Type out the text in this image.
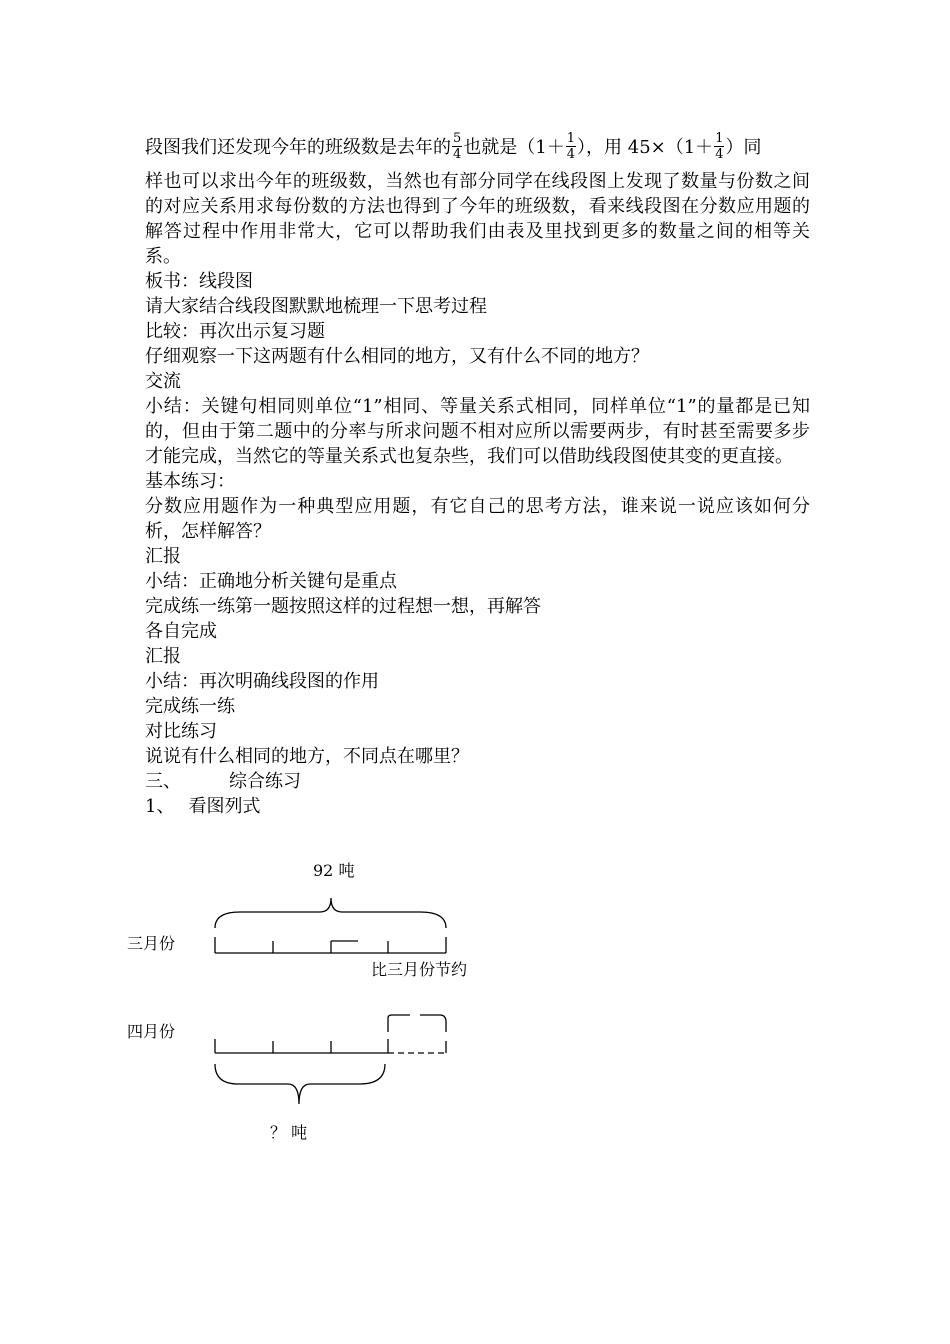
段图我们还发现今年的班级数是去年的 $\frac{5}{4}$ 也就是（$1+ \frac{1}{4}$ ），用 $45\times(1+ \frac{1}{4}$ ）同

样也可以求出今年的班级数，当然也有部分同学在线段图上发现了数量与份数之间的对应关系用求每份数的方法也得到了今年的班级数，看来线段图在分数应用题的解答过程中作用非常大，它可以帮助我们由表及里找到更多的数量之间的相等关系。

板书：线段图

请大家结合线段图默默地梳理一下思考过程

比较：再次出示复习题

仔细观察一下这两题有什么相同的地方，又有什么不同的地方？

交流

小结：关键句相同则单位“1”相同、等量关系式相同，同样单位“1”的量都是已知的，但由于第二题中的分率与所求问题不相对应所以需要两步，有时甚至需要多步才能完成，当然它的等量关系式也复杂些，我们可以借助线段图使其变的更直接。

基本练习：

分数应用题作为一种典型应用题，有它自己的思考方法，谁来说一说应该如何分析，怎样解答？

汇报

小结：正确地分析关键句是重点

完成练一练第一题按照这样的过程想一想，再解答

各自完成

汇报

小结：再次明确线段图的作用

完成练一练

对比练习

说说有什么相同的地方，不同点在哪里？

三、	综合练习

1、 看图列式

92 吨
三月份
比三月份节约
四月份
？ 吨
